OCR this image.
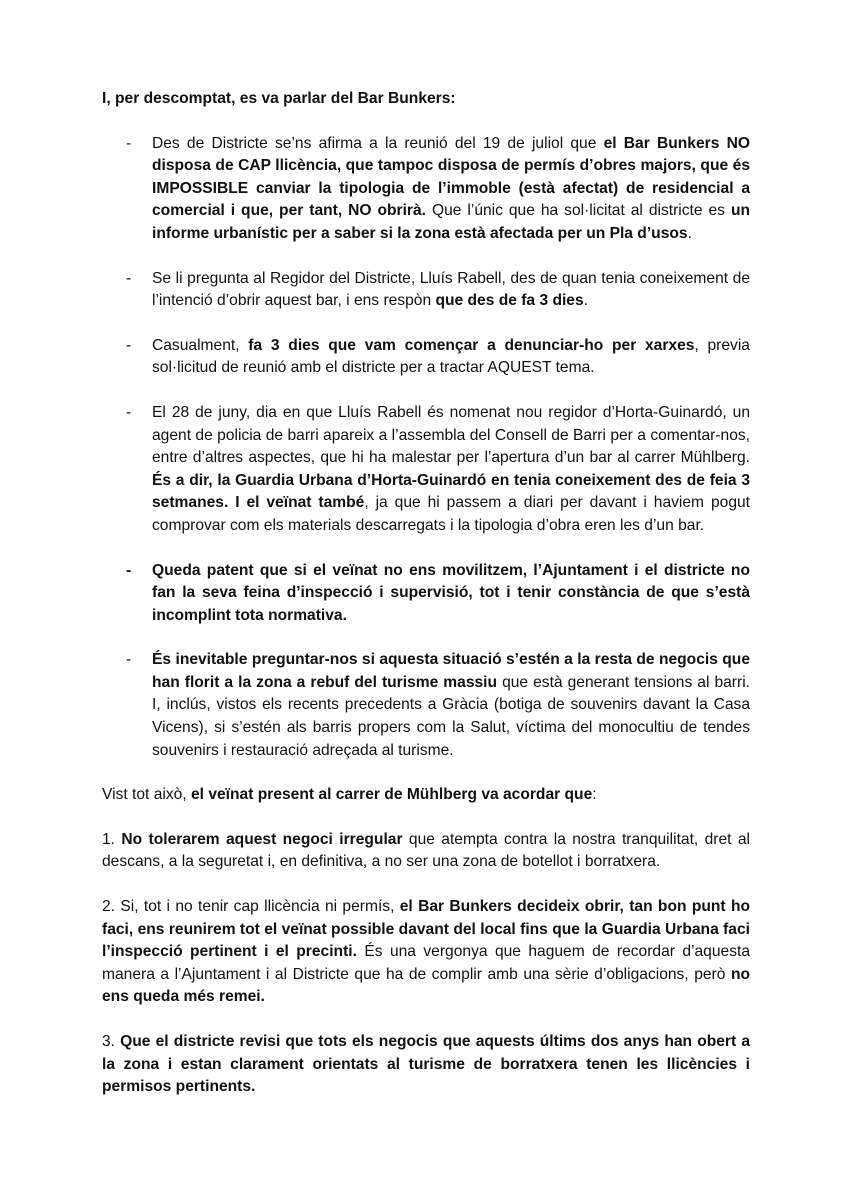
I, per descomptat, es va parlar del Bar Bunkers:

- Des de Districte se’ns afirma a la reunió del 19 de juliol que el Bar Bunkers NO disposa de CAP llicència, que tampoc disposa de permís d’obres majors, que és IMPOSSIBLE canviar la tipologia de l’immoble (està afectat) de residencial a comercial i que, per tant, NO obrirà. Que l’únic que ha sol·licitat al districte es un informe urbanístic per a saber si la zona està afectada per un Pla d’usos.
- Se li pregunta al Regidor del Districte, Lluís Rabell, des de quan tenia coneixement de l’intenció d’obrir aquest bar, i ens respòn que des de fa 3 dies.
- Casualment, fa 3 dies que vam començar a denunciar-ho per xarxes, previa sol·licitud de reunió amb el districte per a tractar AQUEST tema.
- El 28 de juny, dia en que Lluís Rabell és nomenat nou regidor d’Horta-Guinardó, un agent de policia de barri apareix a l’assembla del Consell de Barri per a comentar-nos, entre d’altres aspectes, que hi ha malestar per l’apertura d’un bar al carrer Mühlberg. És a dir, la Guardia Urbana d’Horta-Guinardó en tenia coneixement des de feia 3 setmanes. I el veïnat també, ja que hi passem a diari per davant i haviem pogut comprovar com els materials descarregats i la tipologia d’obra eren les d’un bar.
- Queda patent que si el veïnat no ens movilitzem, l’Ajuntament i el districte no fan la seva feina d’inspecció i supervisió, tot i tenir constància de que s’està incomplint tota normativa.
- És inevitable preguntar-nos si aquesta situació s’estén a la resta de negocis que han florit a la zona a rebuf del turisme massiu que està generant tensions al barri. I, inclús, vistos els recents precedents a Gràcia (botiga de souvenirs davant la Casa Vicens), si s’estén als barris propers com la Salut, víctima del monocultiu de tendes souvenirs i restauració adreçada al turisme.

Vist tot això, el veïnat present al carrer de Mühlberg va acordar que:

1. No tolerarem aquest negoci irregular que atempta contra la nostra tranquilitat, dret al descans, a la seguretat i, en definitiva, a no ser una zona de botellot i borratxera.

2. Si, tot i no tenir cap llicència ni permís, el Bar Bunkers decideix obrir, tan bon punt ho faci, ens reunirem tot el veïnat possible davant del local fins que la Guardia Urbana faci l’inspecció pertinent i el precinti. És una vergonya que haguem de recordar d’aquesta manera a l’Ajuntament i al Districte que ha de complir amb una sèrie d’obligacions, però no ens queda més remei.

3. Que el districte revisi que tots els negocis que aquests últims dos anys han obert a la zona i estan clarament orientats al turisme de borratxera tenen les llicències i permisos pertinents.
